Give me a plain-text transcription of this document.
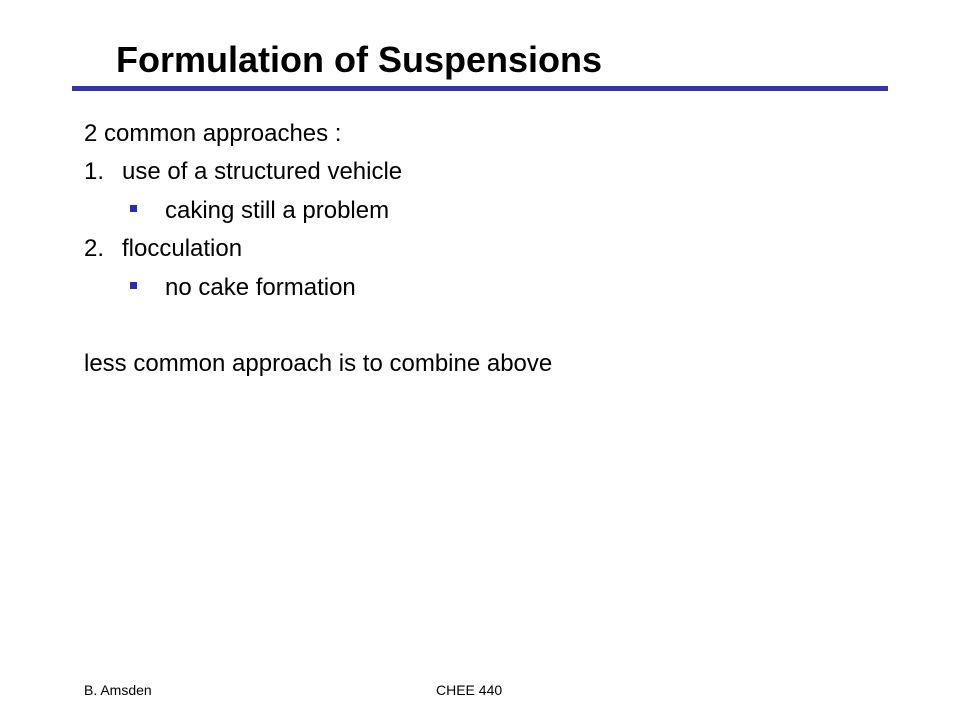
Formulation of Suspensions
2 common approaches :
1. use of a structured vehicle
caking still a problem
2. flocculation
no cake formation
less common approach is to combine above
B. Amsden	CHEE 440
